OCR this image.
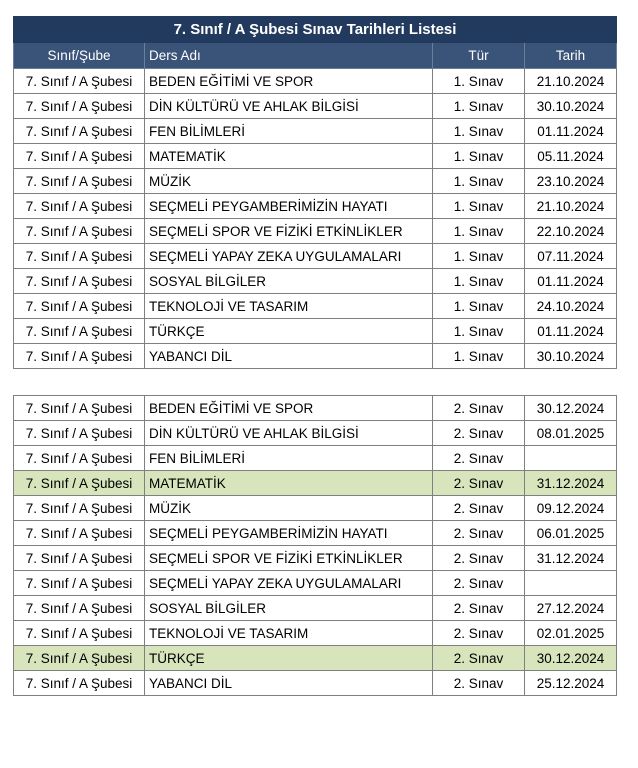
7. Sınıf / A Şubesi Sınav Tarihleri Listesi			
Sınıf/Şube	Ders Adı	Tür	Tarih
7. Sınıf / A Şubesi	BEDEN EĞİTİMİ VE SPOR	1. Sınav	21.10.2024
7. Sınıf / A Şubesi	DİN KÜLTÜRÜ VE AHLAK BİLGİSİ	1. Sınav	30.10.2024
7. Sınıf / A Şubesi	FEN BİLİMLERİ	1. Sınav	01.11.2024
7. Sınıf / A Şubesi	MATEMATİK	1. Sınav	05.11.2024
7. Sınıf / A Şubesi	MÜZİK	1. Sınav	23.10.2024
7. Sınıf / A Şubesi	SEÇMELİ PEYGAMBERİMİZİN HAYATI	1. Sınav	21.10.2024
7. Sınıf / A Şubesi	SEÇMELİ SPOR VE FİZİKİ ETKİNLİKLER	1. Sınav	22.10.2024
7. Sınıf / A Şubesi	SEÇMELİ YAPAY ZEKA UYGULAMALARI	1. Sınav	07.11.2024
7. Sınıf / A Şubesi	SOSYAL BİLGİLER	1. Sınav	01.11.2024
7. Sınıf / A Şubesi	TEKNOLOJİ VE TASARIM	1. Sınav	24.10.2024
7. Sınıf / A Şubesi	TÜRKÇE	1. Sınav	01.11.2024
7. Sınıf / A Şubesi	YABANCI DİL	1. Sınav	30.10.2024
7. Sınıf / A Şubesi	BEDEN EĞİTİMİ VE SPOR	2. Sınav	30.12.2024
7. Sınıf / A Şubesi	DİN KÜLTÜRÜ VE AHLAK BİLGİSİ	2. Sınav	08.01.2025
7. Sınıf / A Şubesi	FEN BİLİMLERİ	2. Sınav	
7. Sınıf / A Şubesi	MATEMATİK	2. Sınav	31.12.2024
7. Sınıf / A Şubesi	MÜZİK	2. Sınav	09.12.2024
7. Sınıf / A Şubesi	SEÇMELİ PEYGAMBERİMİZİN HAYATI	2. Sınav	06.01.2025
7. Sınıf / A Şubesi	SEÇMELİ SPOR VE FİZİKİ ETKİNLİKLER	2. Sınav	31.12.2024
7. Sınıf / A Şubesi	SEÇMELİ YAPAY ZEKA UYGULAMALARI	2. Sınav	
7. Sınıf / A Şubesi	SOSYAL BİLGİLER	2. Sınav	27.12.2024
7. Sınıf / A Şubesi	TEKNOLOJİ VE TASARIM	2. Sınav	02.01.2025
7. Sınıf / A Şubesi	TÜRKÇE	2. Sınav	30.12.2024
7. Sınıf / A Şubesi	YABANCI DİL	2. Sınav	25.12.2024
